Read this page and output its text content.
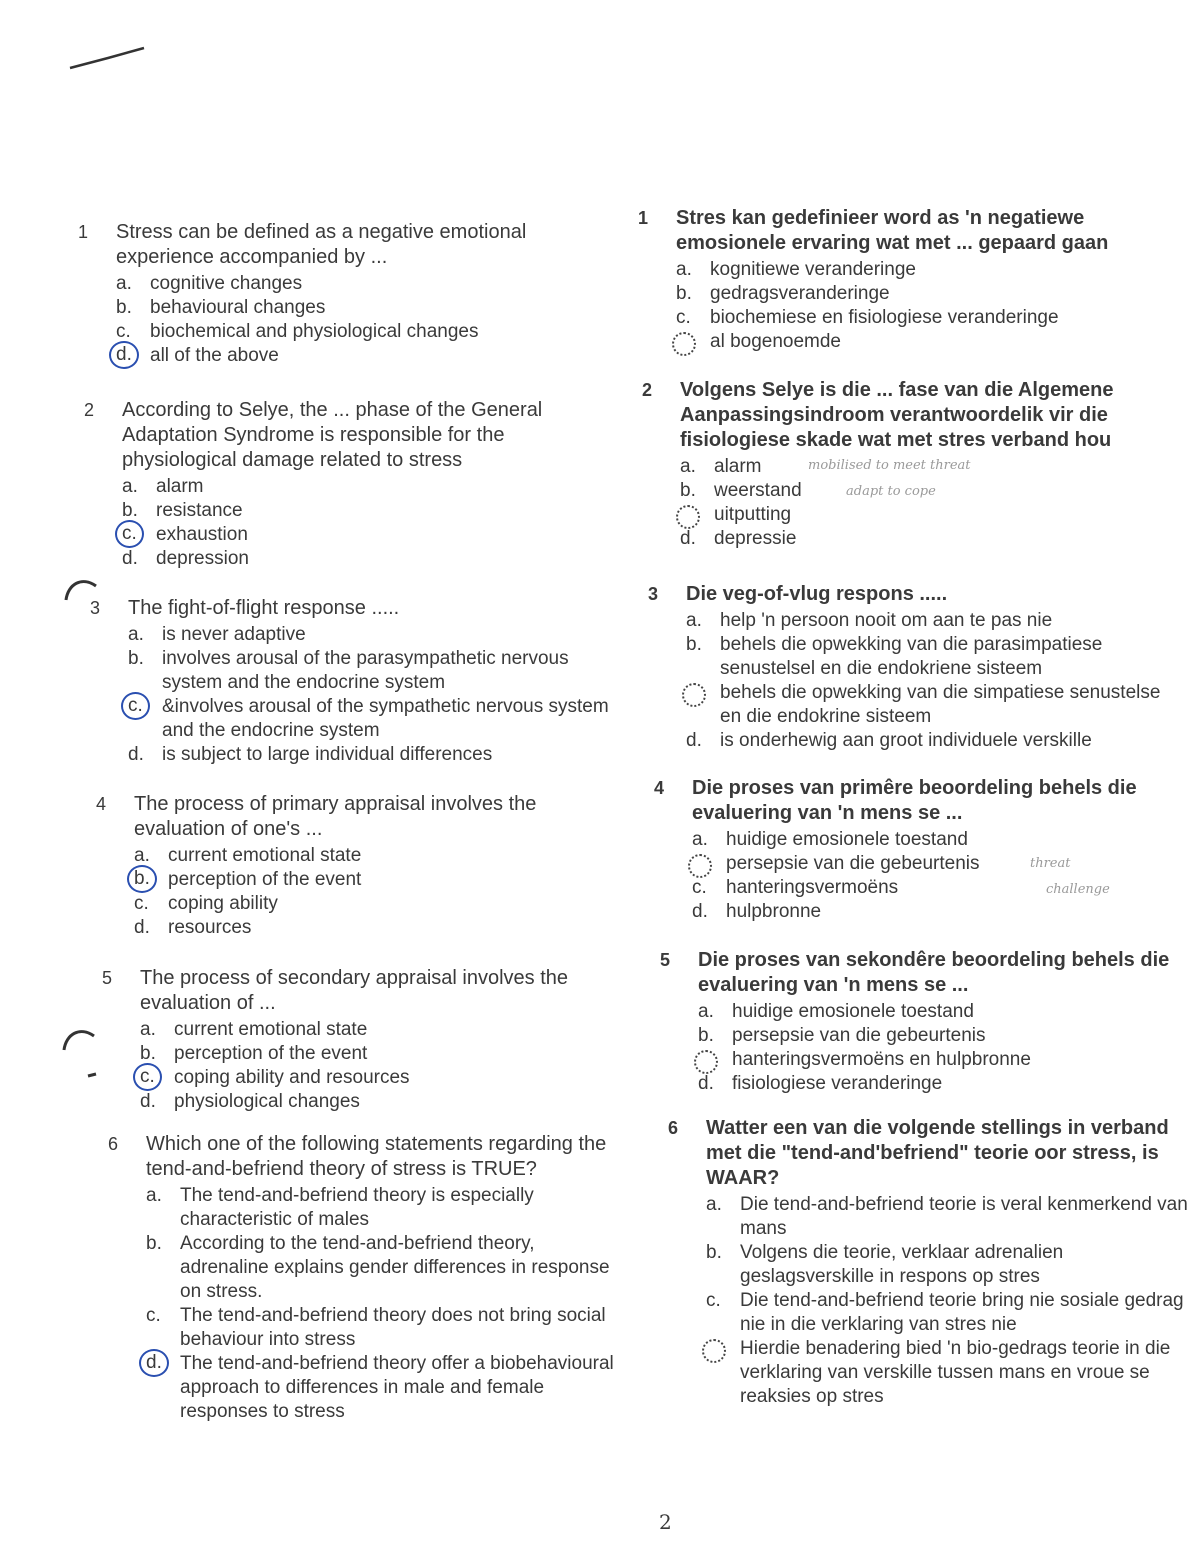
1	Stress can be defined as a negative emotional experience accompanied by ...
a. cognitive changes
b. behavioural changes
c. biochemical and physiological changes
d. all of the above
2	According to Selye, the ... phase of the General Adaptation Syndrome is responsible for the physiological damage related to stress
a. alarm
b. resistance
c.	exhaustion
d. depression
3	The fight-of-flight response .....
a. is never adaptive
b. involves arousal of the parasympathetic nervous system and the endocrine system
c.	&involves arousal of the sympathetic nervous system and the endocrine system
d. is subject to large individual differences
4	The process of primary appraisal involves the evaluation of one's ...
a. current emotional state
b. perception of the event
c. coping ability
d. resources
5	The process of secondary appraisal involves the evaluation of ...
a. current emotional state
b. perception of the event
c.	coping ability and resources
d. physiological changes
6	Which one of the following statements regarding the tend-and-befriend theory of stress is TRUE?
a. The tend-and-befriend theory is especially characteristic of males
b. According to the tend-and-befriend theory, adrenaline explains gender differences in response on stress.
c. The tend-and-befriend theory does not bring social behaviour into stress
d. The tend-and-befriend theory offer a biobehavioural approach to differences in male and female responses to stress
1	Stres kan gedefinieer word as 'n negatiewe emosionele ervaring wat met ... gepaard gaan
a. kognitiewe veranderinge
b. gedragsveranderinge
c. biochemiese en fisiologiese veranderinge
al bogenoemde
2	Volgens Selye is die ... fase van die Algemene Aanpassingsindroom verantwoordelik vir die fisiologiese skade wat met stres verband hou
a. alarm
b. weerstand
uitputting
d. depressie
3	Die veg-of-vlug respons .....
a. help 'n persoon nooit om aan te pas nie
b. behels die opwekking van die parasimpatiese senustelsel en die endokriene sisteem
behels die opwekking van die simpatiese senustelse en die endokrine sisteem
d. is onderhewig aan groot individuele verskille
4	Die proses van primêre beoordeling behels die evaluering van 'n mens se ...
a. huidige emosionele toestand
persepsie van die gebeurtenis
c. hanteringsvermoëns
d. hulpbronne
5	Die proses van sekondêre beoordeling behels die evaluering van 'n mens se ...
a. huidige emosionele toestand
b. persepsie van die gebeurtenis
hanteringsvermoëns en hulpbronne
d. fisiologiese veranderinge
6	Watter een van die volgende stellings in verband met die "tend-and'befriend" teorie oor stress, is WAAR?
a. Die tend-and-befriend teorie is veral kenmerkend van mans
b. Volgens die teorie, verklaar adrenalien geslagsverskille in respons op stres
c. Die tend-and-befriend teorie bring nie sosiale gedrag nie in die verklaring van stres nie
Hierdie benadering bied 'n bio-gedrags teorie in die verklaring van verskille tussen mans en vroue se reaksies op stres
mobilised to meet threat
adapt to cope
threat
challenge
2
